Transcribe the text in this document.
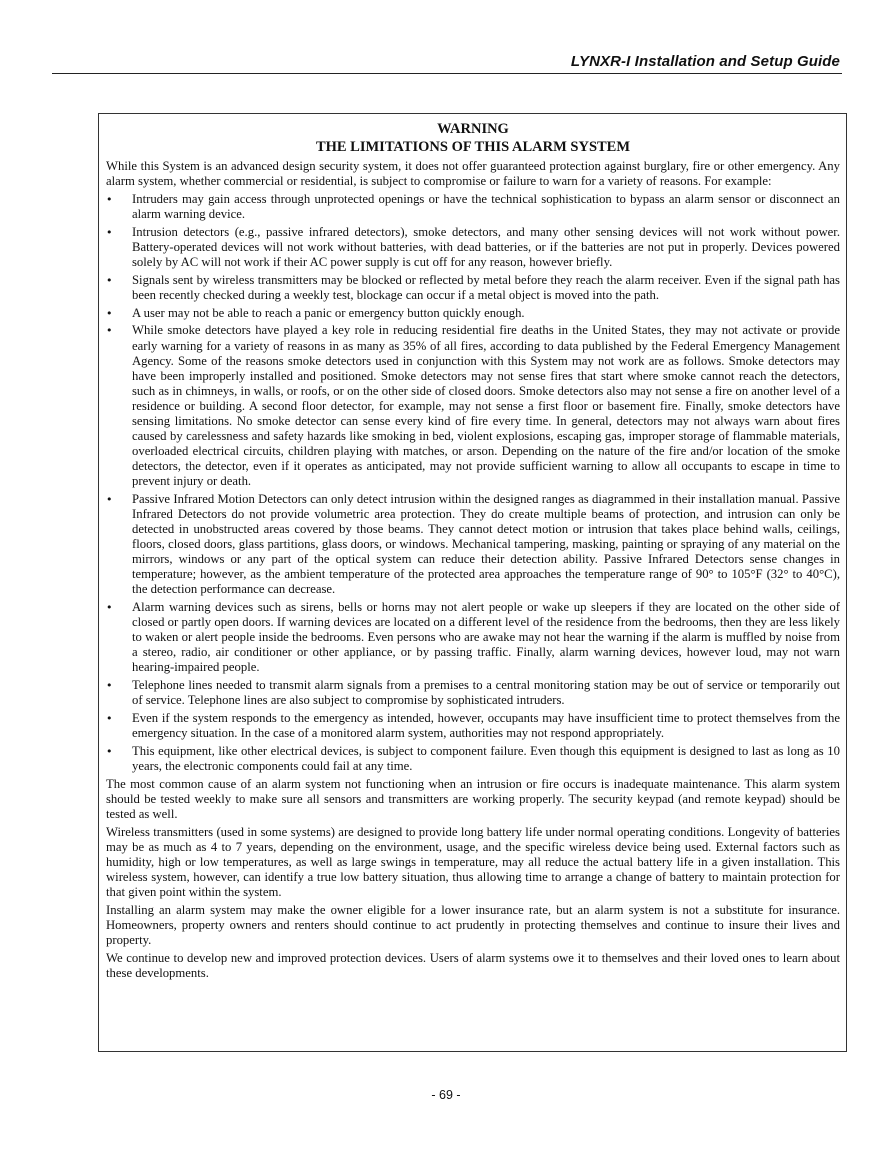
LYNXR-I Installation and Setup Guide
WARNING
THE LIMITATIONS OF THIS ALARM SYSTEM

While this System is an advanced design security system, it does not offer guaranteed protection against burglary, fire or other emergency. Any alarm system, whether commercial or residential, is subject to compromise or failure to warn for a variety of reasons. For example:

• Intruders may gain access through unprotected openings or have the technical sophistication to bypass an alarm sensor or disconnect an alarm warning device.
• Intrusion detectors (e.g., passive infrared detectors), smoke detectors, and many other sensing devices will not work without power. Battery-operated devices will not work without batteries, with dead batteries, or if the batteries are not put in properly. Devices powered solely by AC will not work if their AC power supply is cut off for any reason, however briefly.
• Signals sent by wireless transmitters may be blocked or reflected by metal before they reach the alarm receiver. Even if the signal path has been recently checked during a weekly test, blockage can occur if a metal object is moved into the path.
• A user may not be able to reach a panic or emergency button quickly enough.
• While smoke detectors have played a key role in reducing residential fire deaths in the United States, they may not activate or provide early warning for a variety of reasons in as many as 35% of all fires, according to data published by the Federal Emergency Management Agency. Some of the reasons smoke detectors used in conjunction with this System may not work are as follows. Smoke detectors may have been improperly installed and positioned. Smoke detectors may not sense fires that start where smoke cannot reach the detectors, such as in chimneys, in walls, or roofs, or on the other side of closed doors. Smoke detectors also may not sense a fire on another level of a residence or building. A second floor detector, for example, may not sense a first floor or basement fire. Finally, smoke detectors have sensing limitations. No smoke detector can sense every kind of fire every time. In general, detectors may not always warn about fires caused by carelessness and safety hazards like smoking in bed, violent explosions, escaping gas, improper storage of flammable materials, overloaded electrical circuits, children playing with matches, or arson. Depending on the nature of the fire and/or location of the smoke detectors, the detector, even if it operates as anticipated, may not provide sufficient warning to allow all occupants to escape in time to prevent injury or death.
• Passive Infrared Motion Detectors can only detect intrusion within the designed ranges as diagrammed in their installation manual. Passive Infrared Detectors do not provide volumetric area protection. They do create multiple beams of protection, and intrusion can only be detected in unobstructed areas covered by those beams. They cannot detect motion or intrusion that takes place behind walls, ceilings, floors, closed doors, glass partitions, glass doors, or windows. Mechanical tampering, masking, painting or spraying of any material on the mirrors, windows or any part of the optical system can reduce their detection ability. Passive Infrared Detectors sense changes in temperature; however, as the ambient temperature of the protected area approaches the temperature range of 90° to 105°F (32° to 40°C), the detection performance can decrease.
• Alarm warning devices such as sirens, bells or horns may not alert people or wake up sleepers if they are located on the other side of closed or partly open doors. If warning devices are located on a different level of the residence from the bedrooms, then they are less likely to waken or alert people inside the bedrooms. Even persons who are awake may not hear the warning if the alarm is muffled by noise from a stereo, radio, air conditioner or other appliance, or by passing traffic. Finally, alarm warning devices, however loud, may not warn hearing-impaired people.
• Telephone lines needed to transmit alarm signals from a premises to a central monitoring station may be out of service or temporarily out of service. Telephone lines are also subject to compromise by sophisticated intruders.
• Even if the system responds to the emergency as intended, however, occupants may have insufficient time to protect themselves from the emergency situation. In the case of a monitored alarm system, authorities may not respond appropriately.
• This equipment, like other electrical devices, is subject to component failure. Even though this equipment is designed to last as long as 10 years, the electronic components could fail at any time.

The most common cause of an alarm system not functioning when an intrusion or fire occurs is inadequate maintenance. This alarm system should be tested weekly to make sure all sensors and transmitters are working properly. The security keypad (and remote keypad) should be tested as well.

Wireless transmitters (used in some systems) are designed to provide long battery life under normal operating conditions. Longevity of batteries may be as much as 4 to 7 years, depending on the environment, usage, and the specific wireless device being used. External factors such as humidity, high or low temperatures, as well as large swings in temperature, may all reduce the actual battery life in a given installation. This wireless system, however, can identify a true low battery situation, thus allowing time to arrange a change of battery to maintain protection for that given point within the system.

Installing an alarm system may make the owner eligible for a lower insurance rate, but an alarm system is not a substitute for insurance. Homeowners, property owners and renters should continue to act prudently in protecting themselves and continue to insure their lives and property.

We continue to develop new and improved protection devices. Users of alarm systems owe it to themselves and their loved ones to learn about these developments.

- 69 -
